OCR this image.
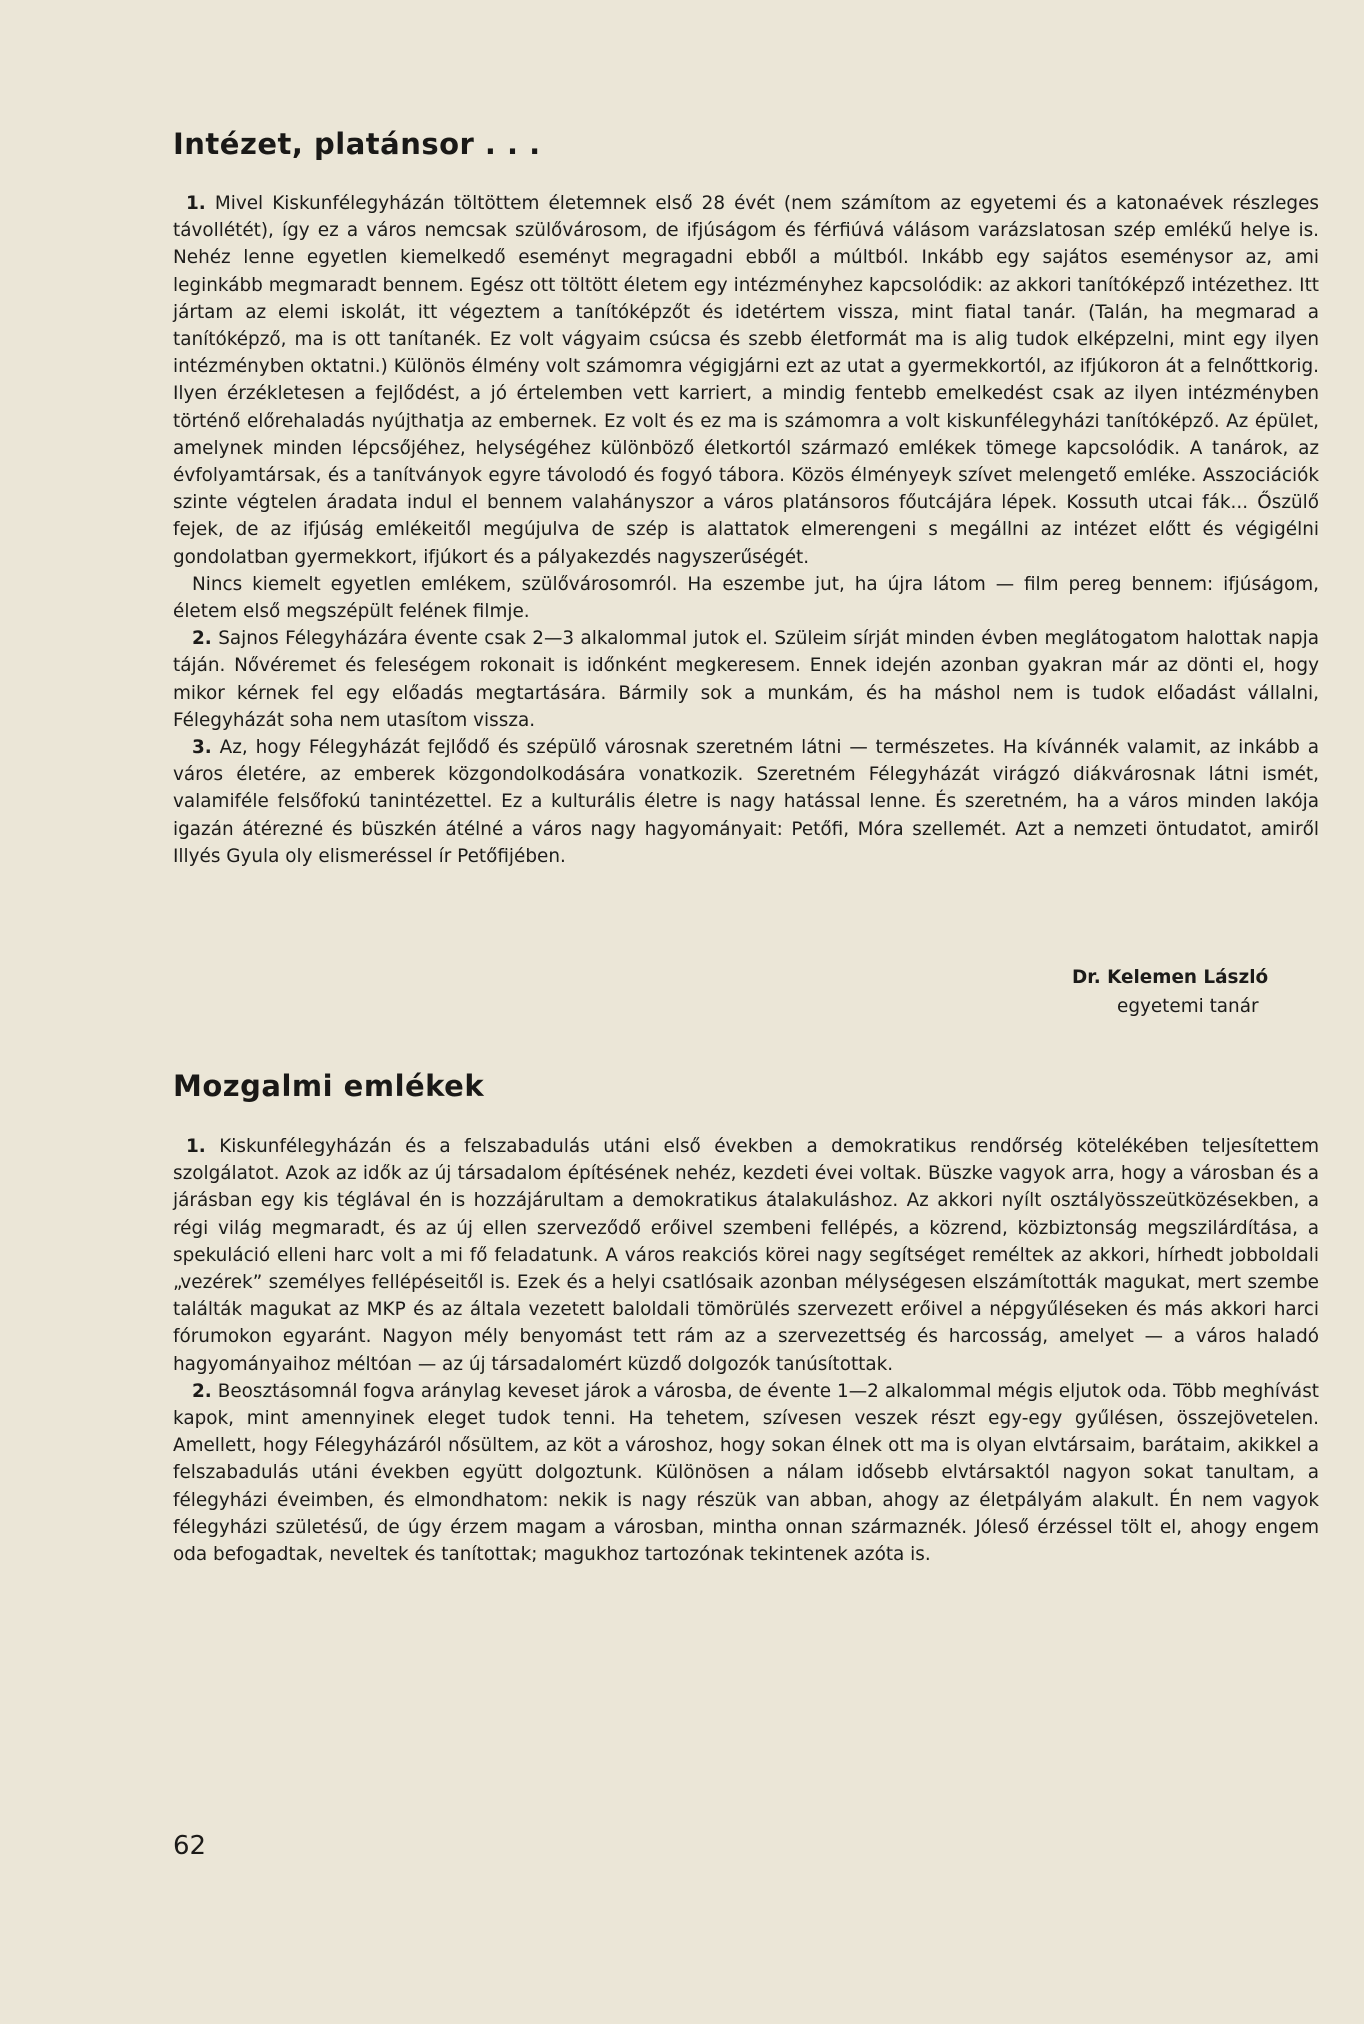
Intézet, platánsor . . .

1. Mivel Kiskunfélegyházán töltöttem életemnek első 28 évét (nem számítom az egyetemi és a katonaévek részleges távollétét), így ez a város nemcsak szülővárosom, de ifjúságom és férfiúvá válásom varázslatosan szép emlékű helye is. Nehéz lenne egyetlen kiemelkedő eseményt megragadni ebből a múltból. Inkább egy sajátos eseménysor az, ami leginkább megmaradt bennem. Egész ott töltött életem egy intézményhez kapcsolódik: az akkori tanítóképző intézethez. Itt jártam az elemi iskolát, itt végeztem a tanítóképzőt és idetértem vissza, mint fiatal tanár. (Talán, ha megmarad a tanítóképző, ma is ott tanítanék. Ez volt vágyaim csúcsa és szebb életformát ma is alig tudok elképzelni, mint egy ilyen intézményben oktatni.) Különös élmény volt számomra végigjárni ezt az utat a gyermekkortól, az ifjúkoron át a felnőttkorig. Ilyen érzékletesen a fejlődést, a jó értelemben vett karriert, a mindig fentebb emelkedést csak az ilyen intézményben történő előrehaladás nyújthatja az embernek. Ez volt és ez ma is számomra a volt kiskunfélegyházi tanítóképző. Az épület, amelynek minden lépcsőjéhez, helységéhez különböző életkortól származó emlékek tömege kapcsolódik. A tanárok, az évfolyamtársak, és a tanítványok egyre távolodó és fogyó tábora. Közös élményeyk szívet melengető emléke. Asszociációk szinte végtelen áradata indul el bennem valahányszor a város platánsoros főutcájára lépek. Kossuth utcai fák... Őszülő fejek, de az ifjúság emlékeitől megújulva de szép is alattatok elmerengeni s megállni az intézet előtt és végigélni gondolatban gyermekkort, ifjúkort és a pályakezdés nagyszerűségét.

Nincs kiemelt egyetlen emlékem, szülővárosomról. Ha eszembe jut, ha újra látom — film pereg bennem: ifjúságom, életem első megszépült felének filmje.

2. Sajnos Félegyházára évente csak 2—3 alkalommal jutok el. Szüleim sírját minden évben meglátogatom halottak napja táján. Nővéremet és feleségem rokonait is időnként megkeresem. Ennek idején azonban gyakran már az dönti el, hogy mikor kérnek fel egy előadás megtartására. Bármily sok a munkám, és ha máshol nem is tudok előadást vállalni, Félegyházát soha nem utasítom vissza.

3. Az, hogy Félegyházát fejlődő és szépülő városnak szeretném látni — természetes. Ha kívánnék valamit, az inkább a város életére, az emberek közgondolkodására vonatkozik. Szeretném Félegyházát virágzó diákvárosnak látni ismét, valamiféle felsőfokú tanintézettel. Ez a kulturális életre is nagy hatással lenne. És szeretném, ha a város minden lakója igazán átérezné és büszkén átélné a város nagy hagyományait: Petőfi, Móra szellemét. Azt a nemzeti öntudatot, amiről Illyés Gyula oly elismeréssel ír Petőfijében.

Dr. Kelemen László
egyetemi tanár
Mozgalmi emlékek

1. Kiskunfélegyházán és a felszabadulás utáni első években a demokratikus rendőrség kötelékében teljesítettem szolgálatot. Azok az idők az új társadalom építésének nehéz, kezdeti évei voltak. Büszke vagyok arra, hogy a városban és a járásban egy kis téglával én is hozzájárultam a demokratikus átalakuláshoz. Az akkori nyílt osztályösszeütközésekben, a régi világ megmaradt, és az új ellen szerveződő erőivel szembeni fellépés, a közrend, közbiztonság megszilárdítása, a spekuláció elleni harc volt a mi fő feladatunk. A város reakciós körei nagy segítséget reméltek az akkori, hírhedt jobboldali „vezérek” személyes fellépéseitől is. Ezek és a helyi csatlósaik azonban mélységesen elszámították magukat, mert szembe találták magukat az MKP és az általa vezetett baloldali tömörülés szervezett erőivel a népgyűléseken és más akkori harci fórumokon egyaránt. Nagyon mély benyomást tett rám az a szervezettség és harcosság, amelyet — a város haladó hagyományaihoz méltóan — az új társadalomért küzdő dolgozók tanúsítottak.

2. Beosztásomnál fogva aránylag keveset járok a városba, de évente 1—2 alkalommal mégis eljutok oda. Több meghívást kapok, mint amennyinek eleget tudok tenni. Ha tehetem, szívesen veszek részt egy-egy gyűlésen, összejövetelen. Amellett, hogy Félegyházáról nősültem, az köt a városhoz, hogy sokan élnek ott ma is olyan elvtársaim, barátaim, akikkel a felszabadulás utáni években együtt dolgoztunk. Különösen a nálam idősebb elvtársaktól nagyon sokat tanultam, a félegyházi éveimben, és elmondhatom: nekik is nagy részük van abban, ahogy az életpályám alakult. Én nem vagyok félegyházi születésű, de úgy érzem magam a városban, mintha onnan származnék. Jóleső érzéssel tölt el, ahogy engem oda befogadtak, neveltek és tanítottak; magukhoz tartozónak tekintenek azóta is.

62
